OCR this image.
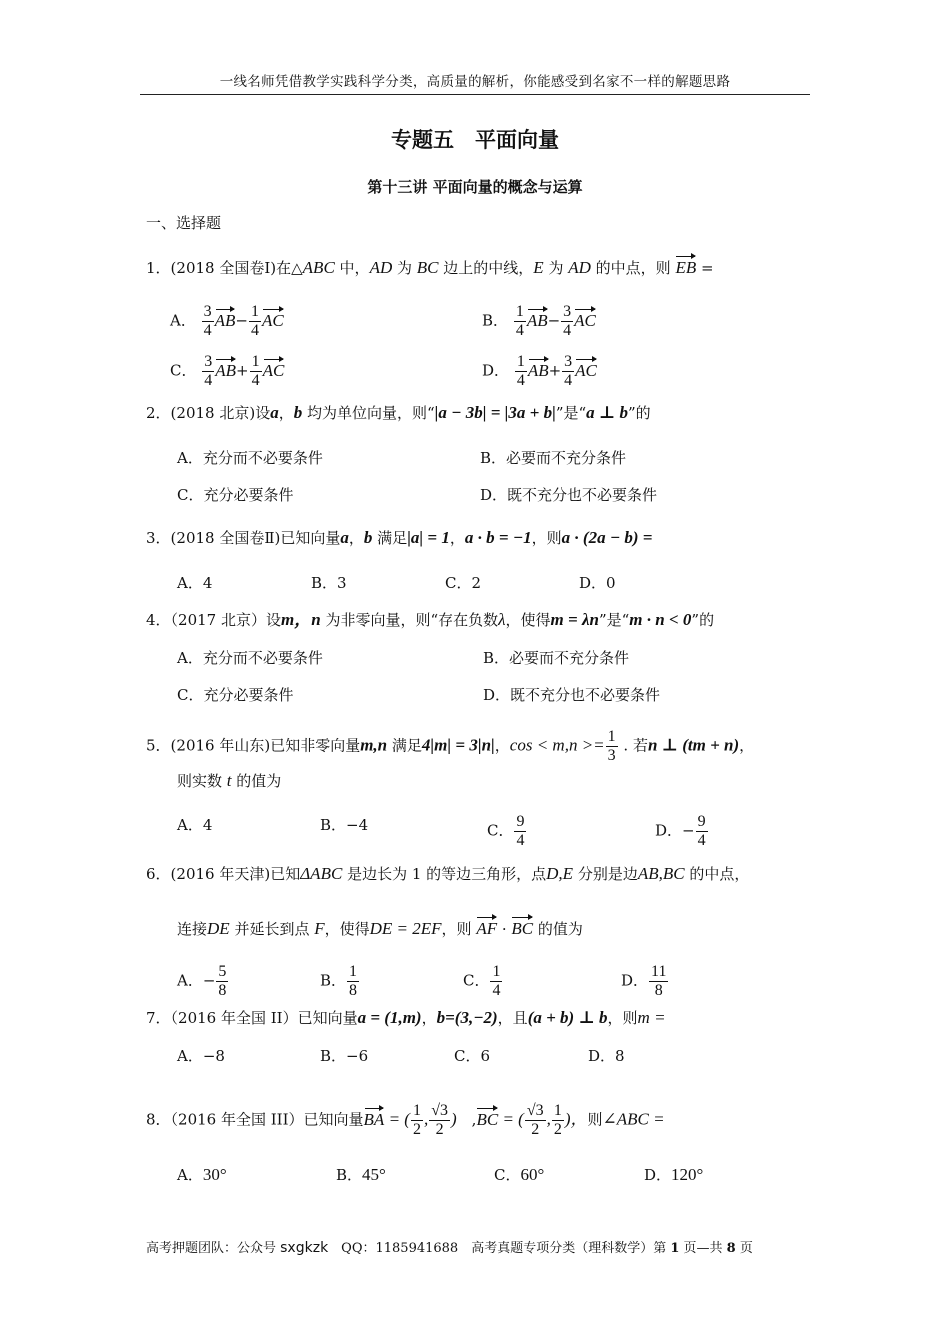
一线名师凭借教学实践科学分类，高质量的解析，你能感受到名家不一样的解题思路
专题五　平面向量
第十三讲 平面向量的概念与运算
一、选择题
1．(2018 全国卷Ⅰ)在△ABC 中，AD 为 BC 边上的中线，E 为 AD 的中点，则 EB =
A． $\frac{3}{4} AB- \frac{1}{4}$ AC	B． $\frac{1}{4} AB- \frac{3}{4}$ AC
C． $\frac{3}{4} AB+ \frac{1}{4}$ AC	D． $\frac{1}{4} AB+ \frac{3}{4}$ AC
2．(2018 北京)设a，b 均为单位向量，则“|a − 3b| = |3a + b|”是“a ⊥ b”的
A．充分而不必要条件	B．必要而不充分条件
C．充分必要条件	D．既不充分也不必要条件
3．(2018 全国卷Ⅱ)已知向量a，b 满足|a| = 1，a · b = −1，则a · (2a − b) =
A．4	B．3	C．2	D．0
4．（2017 北京）设m，n 为非零向量，则“存在负数λ，使得m = λn”是“m · n < 0”的
A．充分而不必要条件	B．必要而不充分条件
C．充分必要条件	D．既不充分也不必要条件
5．(2016 年山东)已知非零向量m,n 满足4|m| = 3|n|，$\cos < m,n >= \frac{1}{3}$ . 若n ⊥ (tm + n)，
则实数 t 的值为
A．4	B．−4	C． $\frac{9}{4}$	D．− $\frac{9}{4}$
6．(2016 年天津)已知ΔABC 是边长为 1 的等边三角形，点D,E 分别是边AB,BC 的中点，
连接DE 并延长到点 F，使得DE = 2EF，则 AF · BC 的值为
A．− $\frac{5}{8}$	B． $\frac{1}{8}$	C． $\frac{1}{4}$	D． $\frac{11}{8}$
7．（2016 年全国 II）已知向量a = (1,m)，b=(3,−2)，且(a + b) ⊥ b，则m =
A．−8	B．−6	C．6	D．8
8．（2016 年全国 III）已知向量BA = ( $\frac{1}{2}$ , $\frac{√3}{2}$ )　,BC = ( $\frac{√3}{2}$ , $\frac{1}{2}$ )，则∠ABC =
A．30°	B．45°	C．60°	D．120°
高考押题团队：公众号 sxgkzk　QQ：1185941688　高考真题专项分类（理科数学）第 1 页—共 8 页
